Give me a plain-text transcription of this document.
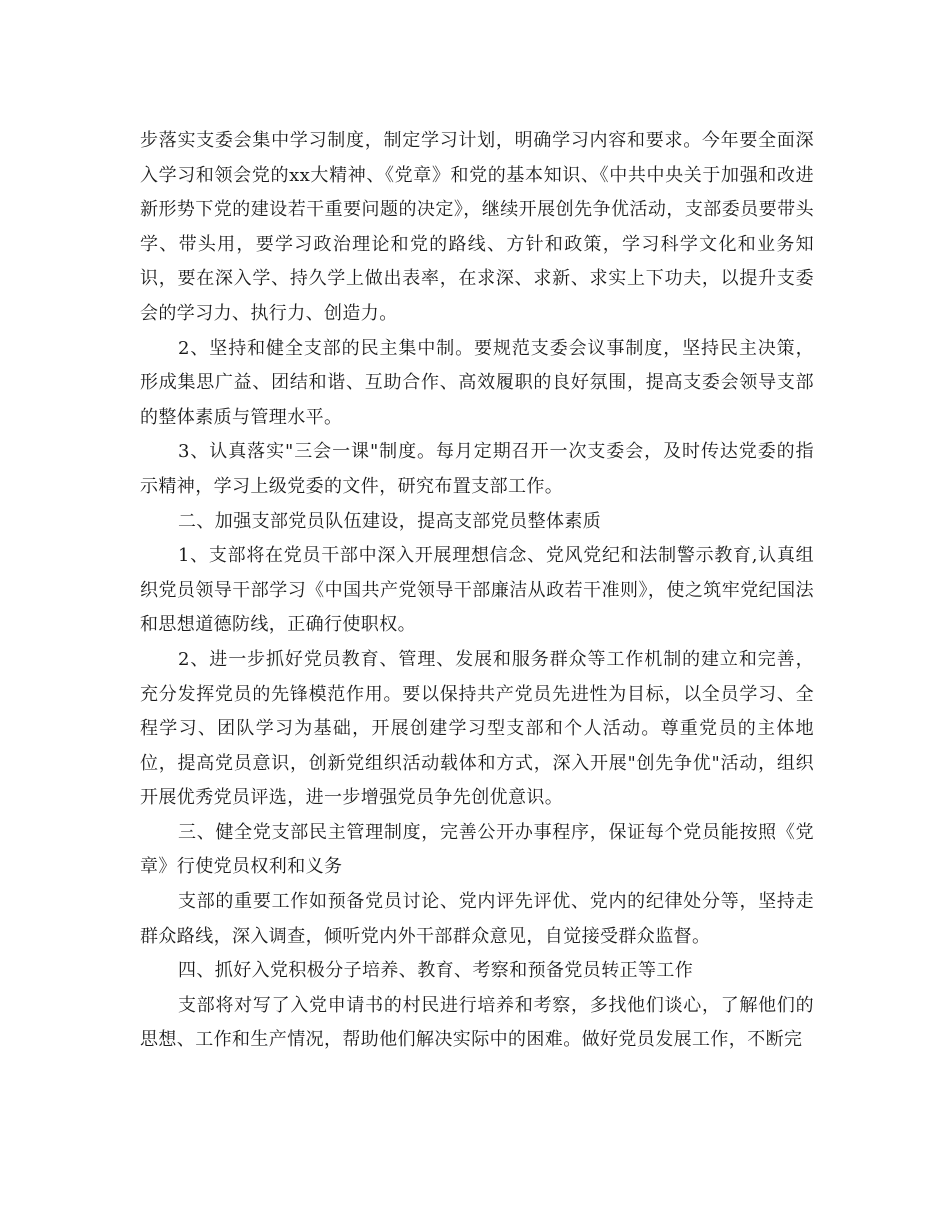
步落实支委会集中学习制度，制定学习计划，明确学习内容和要求。今年要全面深入学习和领会党的xx大精神、《党章》和党的基本知识、《中共中央关于加强和改进新形势下党的建设若干重要问题的决定》，继续开展创先争优活动，支部委员要带头学、带头用，要学习政治理论和党的路线、方针和政策，学习科学文化和业务知识，要在深入学、持久学上做出表率，在求深、求新、求实上下功夫，以提升支委会的学习力、执行力、创造力。

2、坚持和健全支部的民主集中制。要规范支委会议事制度，坚持民主决策，形成集思广益、团结和谐、互助合作、高效履职的良好氛围，提高支委会领导支部的整体素质与管理水平。

3、认真落实"三会一课"制度。每月定期召开一次支委会，及时传达党委的指示精神，学习上级党委的文件，研究布置支部工作。

二、加强支部党员队伍建设，提高支部党员整体素质

1、支部将在党员干部中深入开展理想信念、党风党纪和法制警示教育,认真组织党员领导干部学习《中国共产党领导干部廉洁从政若干准则》，使之筑牢党纪国法和思想道德防线，正确行使职权。

2、进一步抓好党员教育、管理、发展和服务群众等工作机制的建立和完善，充分发挥党员的先锋模范作用。要以保持共产党员先进性为目标，以全员学习、全程学习、团队学习为基础，开展创建学习型支部和个人活动。尊重党员的主体地位，提高党员意识，创新党组织活动载体和方式，深入开展"创先争优"活动，组织开展优秀党员评选，进一步增强党员争先创优意识。

三、健全党支部民主管理制度，完善公开办事程序，保证每个党员能按照《党章》行使党员权利和义务

支部的重要工作如预备党员讨论、党内评先评优、党内的纪律处分等，坚持走群众路线，深入调查，倾听党内外干部群众意见，自觉接受群众监督。

四、抓好入党积极分子培养、教育、考察和预备党员转正等工作

支部将对写了入党申请书的村民进行培养和考察，多找他们谈心，了解他们的思想、工作和生产情况，帮助他们解决实际中的困难。做好党员发展工作，不断完
